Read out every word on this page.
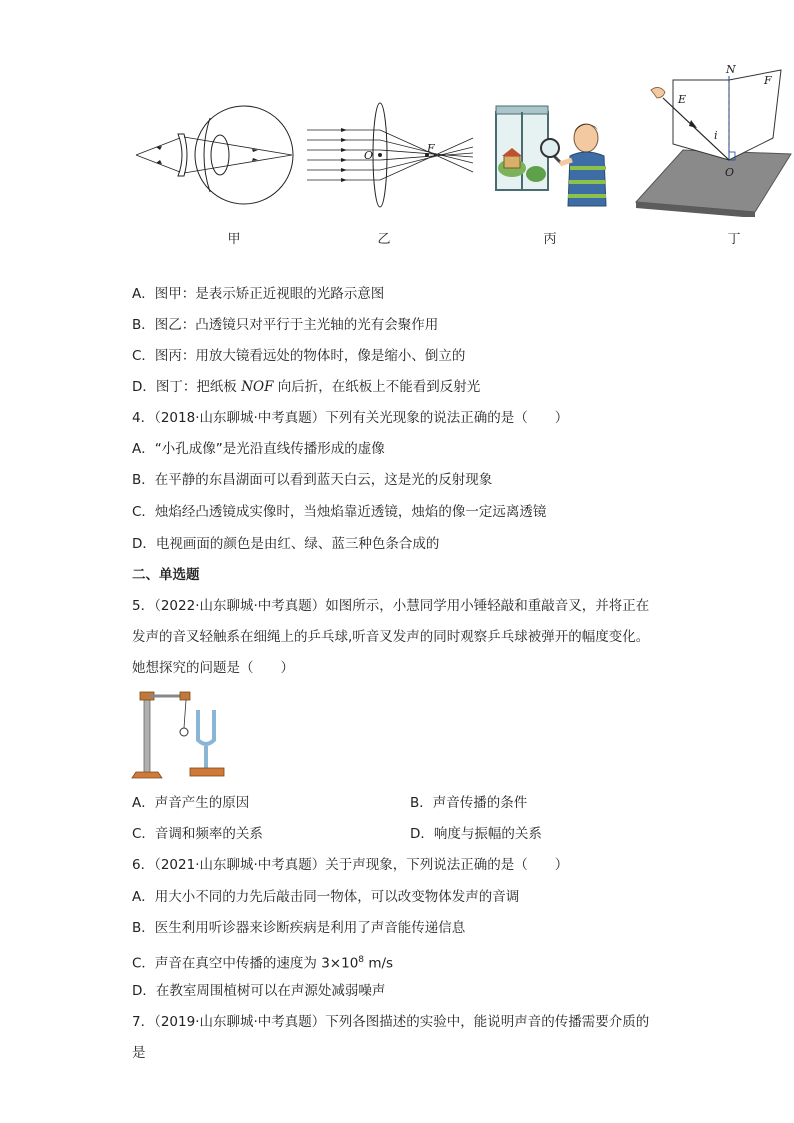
甲
O
F
乙	丙
N
F
E
i
O
丁
A．图甲：是表示矫正近视眼的光路示意图
B．图乙：凸透镜只对平行于主光轴的光有会聚作用
C．图丙：用放大镜看远处的物体时，像是缩小、倒立的
D．图丁：把纸板 NOF 向后折，在纸板上不能看到反射光
4．（2018·山东聊城·中考真题）下列有关光现象的说法正确的是（　　）
A．“小孔成像”是光沿直线传播形成的虚像
B．在平静的东昌湖面可以看到蓝天白云，这是光的反射现象
C．烛焰经凸透镜成实像时，当烛焰靠近透镜，烛焰的像一定远离透镜
D．电视画面的颜色是由红、绿、蓝三种色条合成的
二、单选题
5．（2022·山东聊城·中考真题）如图所示，小慧同学用小锤轻敲和重敲音叉，并将正在
发声的音叉轻触系在细绳上的乒乓球,听音叉发声的同时观察乒乓球被弹开的幅度变化。
她想探究的问题是（　　）
A．声音产生的原因	B．声音传播的条件
C．音调和频率的关系	D．响度与振幅的关系
6．（2021·山东聊城·中考真题）关于声现象，下列说法正确的是（　　）
A．用大小不同的力先后敲击同一物体，可以改变物体发声的音调
B．医生利用听诊器来诊断疾病是利用了声音能传递信息
C．声音在真空中传播的速度为 $3\times 10^8$ m/s
D．在教室周围植树可以在声源处减弱噪声
7．（2019·山东聊城·中考真题）下列各图描述的实验中，能说明声音的传播需要介质的
是
